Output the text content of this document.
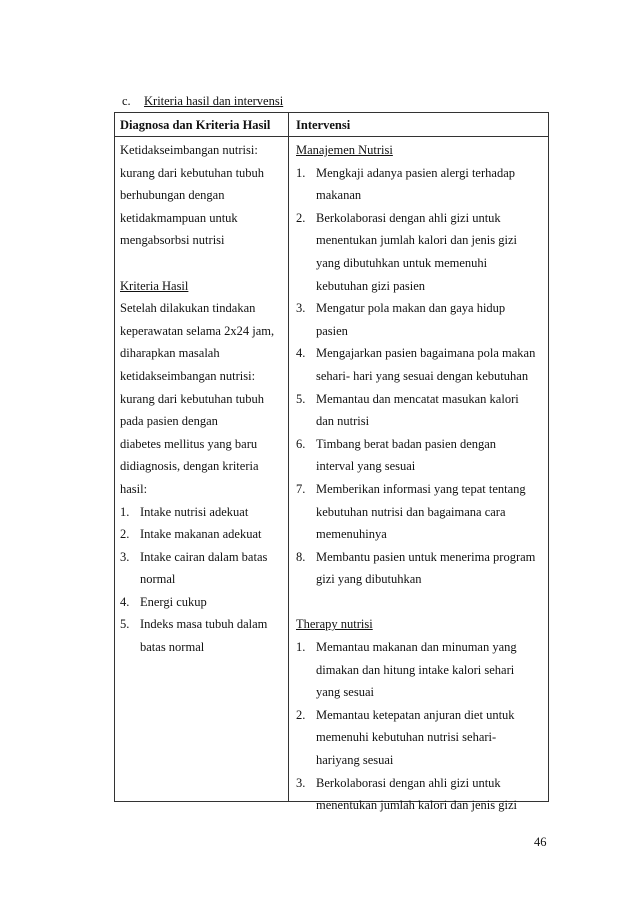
c. Kriteria hasil dan intervensi
Diagnosa dan Kriteria Hasil Intervensi
Ketidakseimbangan nutrisi:
kurang dari kebutuhan tubuh
berhubungan dengan
ketidakmampuan untuk
mengabsorbsi nutrisi
Kriteria Hasil
Setelah dilakukan tindakan
keperawatan selama 2x24 jam,
diharapkan masalah
ketidakseimbangan nutrisi:
kurang dari kebutuhan tubuh
pada pasien dengan
diabetes mellitus yang baru
didiagnosis, dengan kriteria
hasil:
1. Intake nutrisi adekuat
2. Intake makanan adekuat
3. Intake cairan dalam batas
normal
4. Energi cukup
5. Indeks masa tubuh dalam
batas normal
Manajemen Nutrisi
1. Mengkaji adanya pasien alergi terhadap
makanan
2. Berkolaborasi dengan ahli gizi untuk
menentukan jumlah kalori dan jenis gizi
yang dibutuhkan untuk memenuhi
kebutuhan gizi pasien
3. Mengatur pola makan dan gaya hidup
pasien
4. Mengajarkan pasien bagaimana pola makan
sehari- hari yang sesuai dengan kebutuhan
5. Memantau dan mencatat masukan kalori
dan nutrisi
6. Timbang berat badan pasien dengan
interval yang sesuai
7. Memberikan informasi yang tepat tentang
kebutuhan nutrisi dan bagaimana cara
memenuhinya
8. Membantu pasien untuk menerima program
gizi yang dibutuhkan
Therapy nutrisi
1. Memantau makanan dan minuman yang
dimakan dan hitung intake kalori sehari
yang sesuai
2. Memantau ketepatan anjuran diet untuk
memenuhi kebutuhan nutrisi sehari-
hariyang sesuai
3. Berkolaborasi dengan ahli gizi untuk
menentukan jumlah kalori dan jenis gizi
46
